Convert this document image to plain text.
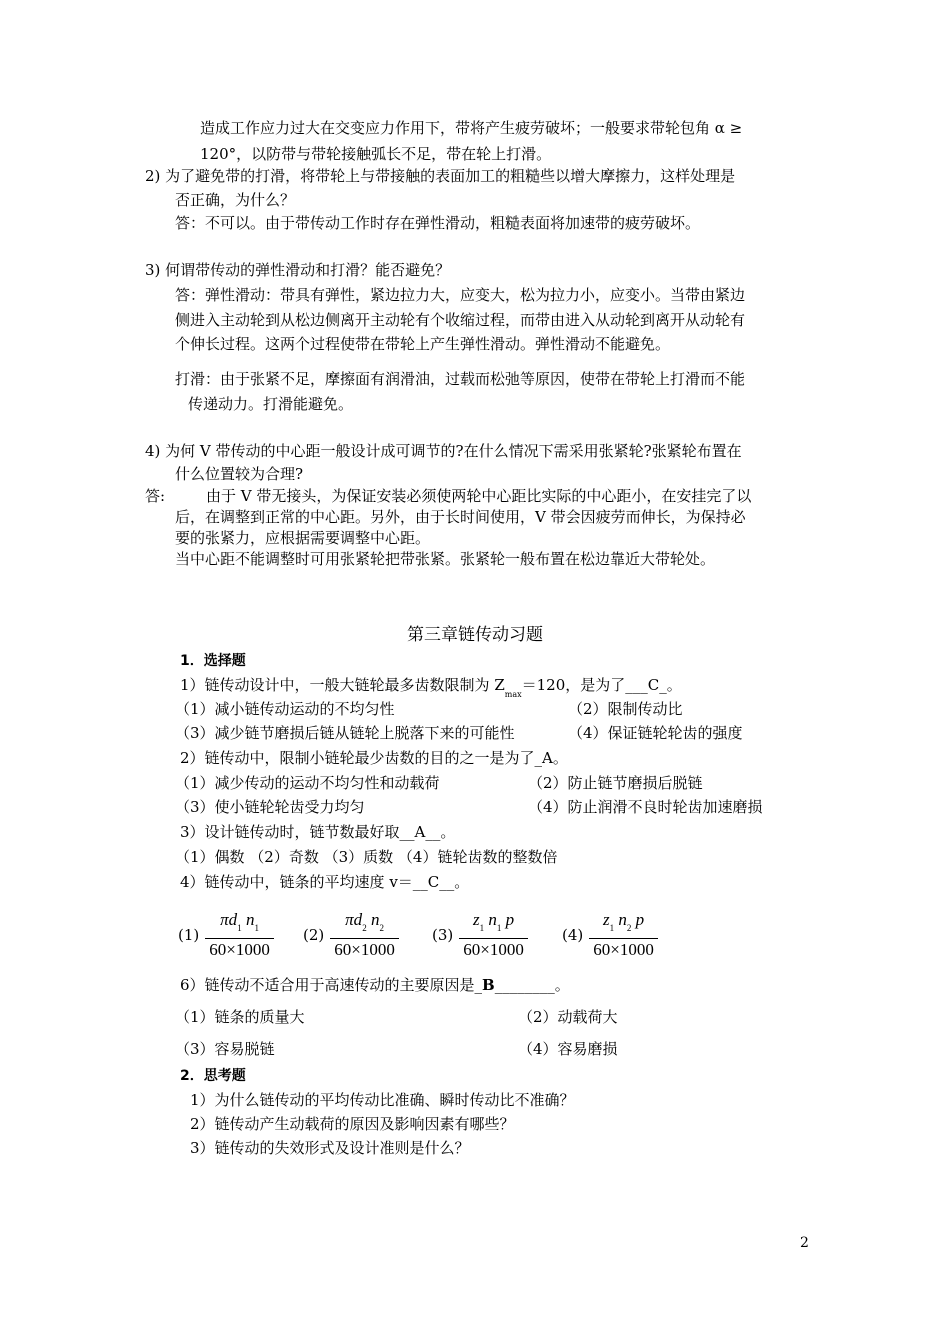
造成工作应力过大在交变应力作用下，带将产生疲劳破坏；一般要求带轮包角 α ≥
120°，以防带与带轮接触弧长不足，带在轮上打滑。
2) 为了避免带的打滑，将带轮上与带接触的表面加工的粗糙些以增大摩擦力，这样处理是
否正确，为什么？
答：不可以。由于带传动工作时存在弹性滑动，粗糙表面将加速带的疲劳破坏。
3) 何谓带传动的弹性滑动和打滑？能否避免？
答：弹性滑动：带具有弹性，紧边拉力大，应变大，松为拉力小，应变小。当带由紧边
侧进入主动轮到从松边侧离开主动轮有个收缩过程，而带由进入从动轮到离开从动轮有
个伸长过程。这两个过程使带在带轮上产生弹性滑动。弹性滑动不能避免。
打滑：由于张紧不足，摩擦面有润滑油，过载而松弛等原因，使带在带轮上打滑而不能
传递动力。打滑能避免。
4) 为何 V 带传动的中心距一般设计成可调节的?在什么情况下需采用张紧轮?张紧轮布置在
什么位置较为合理?
答:	由于 V 带无接头，为保证安装必须使两轮中心距比实际的中心距小，在安挂完了以
后，在调整到正常的中心距。另外，由于长时间使用，V 带会因疲劳而伸长，为保持必
要的张紧力，应根据需要调整中心距。
当中心距不能调整时可用张紧轮把带张紧。张紧轮一般布置在松边靠近大带轮处。
第三章链传动习题
1．选择题
1）链传动设计中，一般大链轮最多齿数限制为 $Z_{max}=120$，是为了___C_。
（1）减小链传动运动的不均匀性	（2）限制传动比
（3）减少链节磨损后链从链轮上脱落下来的可能性	（4）保证链轮轮齿的强度
2）链传动中，限制小链轮最少齿数的目的之一是为了_A。
（1）减少传动的运动不均匀性和动载荷	（2）防止链节磨损后脱链
（3）使小链轮轮齿受力均匀	（4）防止润滑不良时轮齿加速磨损
3）设计链传动时，链节数最好取__A__。
（1）偶数 （2）奇数 （3）质数 （4）链轮齿数的整数倍
4）链传动中，链条的平均速度 v＝__C__。
$(1) \frac{\pi d_1 n_1}{60\times 1000} (2) \frac{\pi d_2 n_2}{60\times 1000} (3) \frac{z_1 n_1 p}{60\times 1000} (4) \frac{z_1 n_2 p}{60\times 1000}$
6）链传动不适合用于高速传动的主要原因是_B________。
（1）链条的质量大	（2）动载荷大
（3）容易脱链	（4）容易磨损
2．思考题
1）为什么链传动的平均传动比准确、瞬时传动比不准确？
2）链传动产生动载荷的原因及影响因素有哪些？
3）链传动的失效形式及设计准则是什么？
2
